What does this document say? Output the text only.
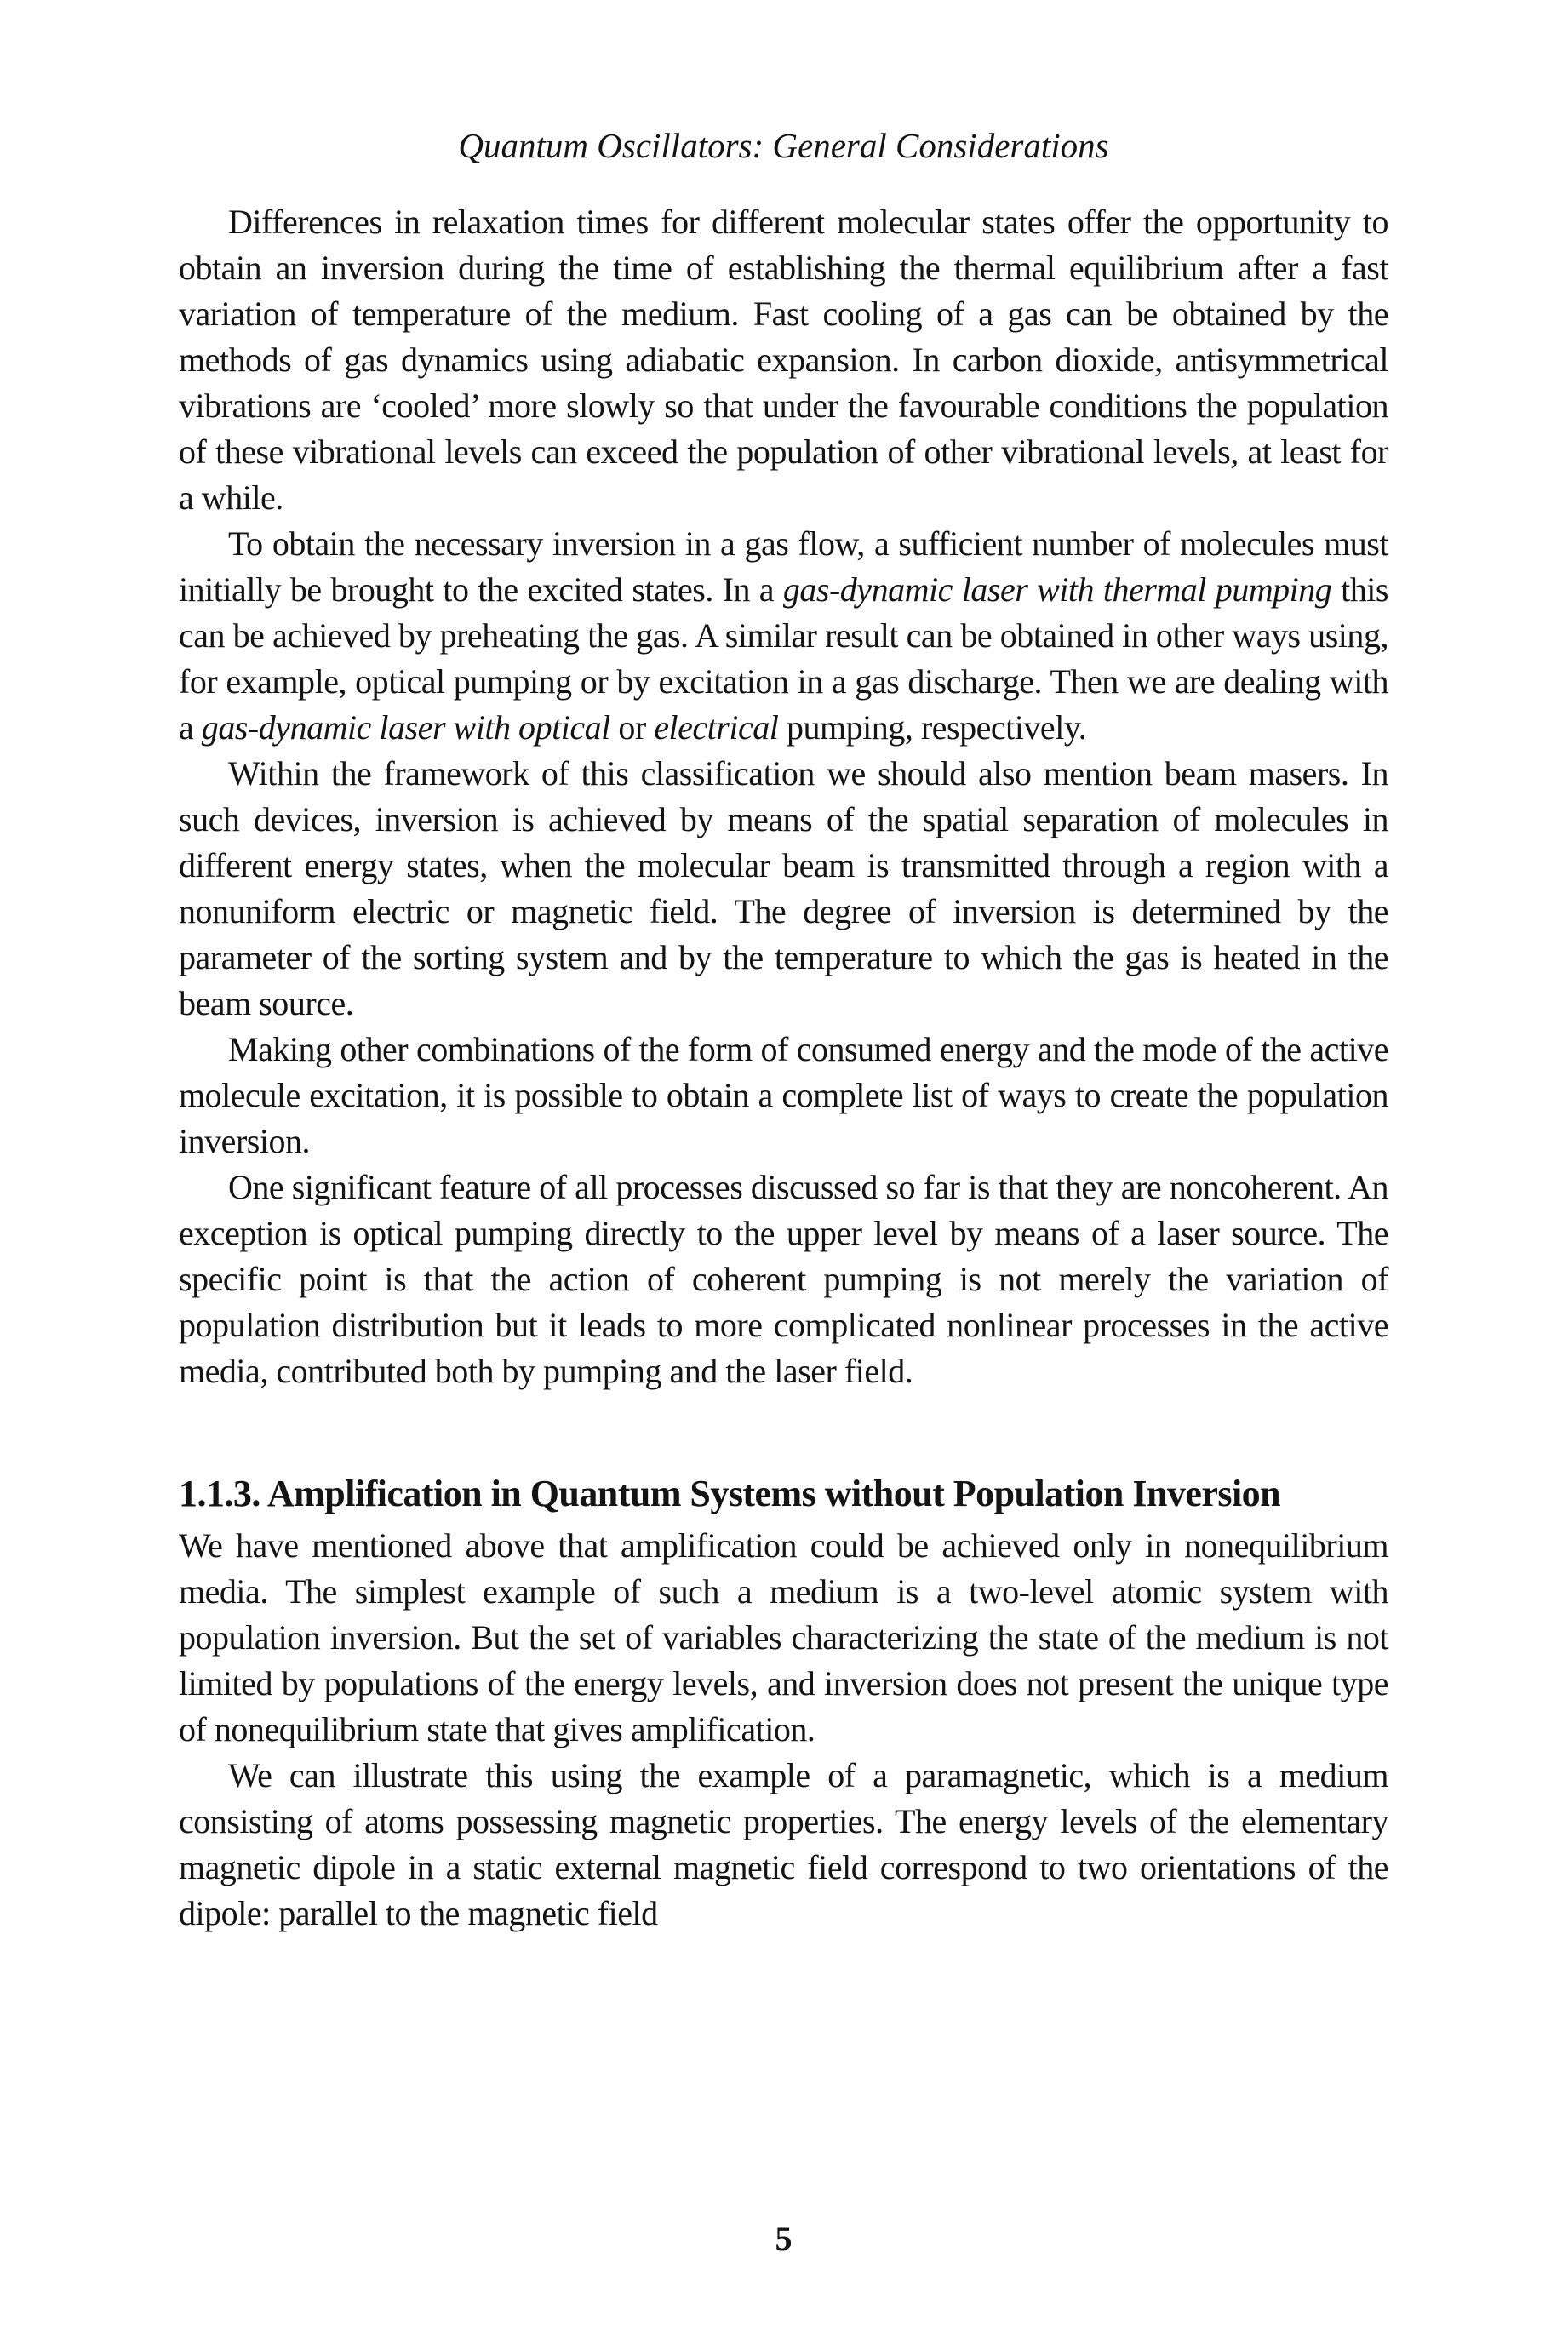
Quantum Oscillators: General Considerations

Differences in relaxation times for different molecular states offer the opportunity to obtain an inversion during the time of establishing the thermal equilibrium after a fast variation of temperature of the medium. Fast cooling of a gas can be obtained by the methods of gas dynamics using adiabatic expansion. In carbon dioxide, antisymmetrical vibrations are ‘cooled’ more slowly so that under the favourable conditions the population of these vibrational levels can exceed the population of other vibrational levels, at least for a while.

To obtain the necessary inversion in a gas flow, a sufficient number of molecules must initially be brought to the excited states. In a gas-dynamic laser with thermal pumping this can be achieved by preheating the gas. A similar result can be obtained in other ways using, for example, optical pumping or by excitation in a gas discharge. Then we are dealing with a gas-dynamic laser with optical or electrical pumping, respectively.

Within the framework of this classification we should also mention beam masers. In such devices, inversion is achieved by means of the spatial separation of molecules in different energy states, when the molecular beam is transmitted through a region with a nonuniform electric or magnetic field. The degree of inversion is determined by the parameter of the sorting system and by the temperature to which the gas is heated in the beam source.

Making other combinations of the form of consumed energy and the mode of the active molecule excitation, it is possible to obtain a complete list of ways to create the population inversion.

One significant feature of all processes discussed so far is that they are noncoherent. An exception is optical pumping directly to the upper level by means of a laser source. The specific point is that the action of coherent pumping is not merely the variation of population distribution but it leads to more complicated nonlinear processes in the active media, contributed both by pumping and the laser field.

1.1.3. Amplification in Quantum Systems without Population Inversion

We have mentioned above that amplification could be achieved only in nonequilibrium media. The simplest example of such a medium is a two-level atomic system with population inversion. But the set of variables characterizing the state of the medium is not limited by populations of the energy levels, and inversion does not present the unique type of nonequilibrium state that gives amplification.

We can illustrate this using the example of a paramagnetic, which is a medium consisting of atoms possessing magnetic properties. The energy levels of the elementary magnetic dipole in a static external magnetic field correspond to two orientations of the dipole: parallel to the magnetic field

5
